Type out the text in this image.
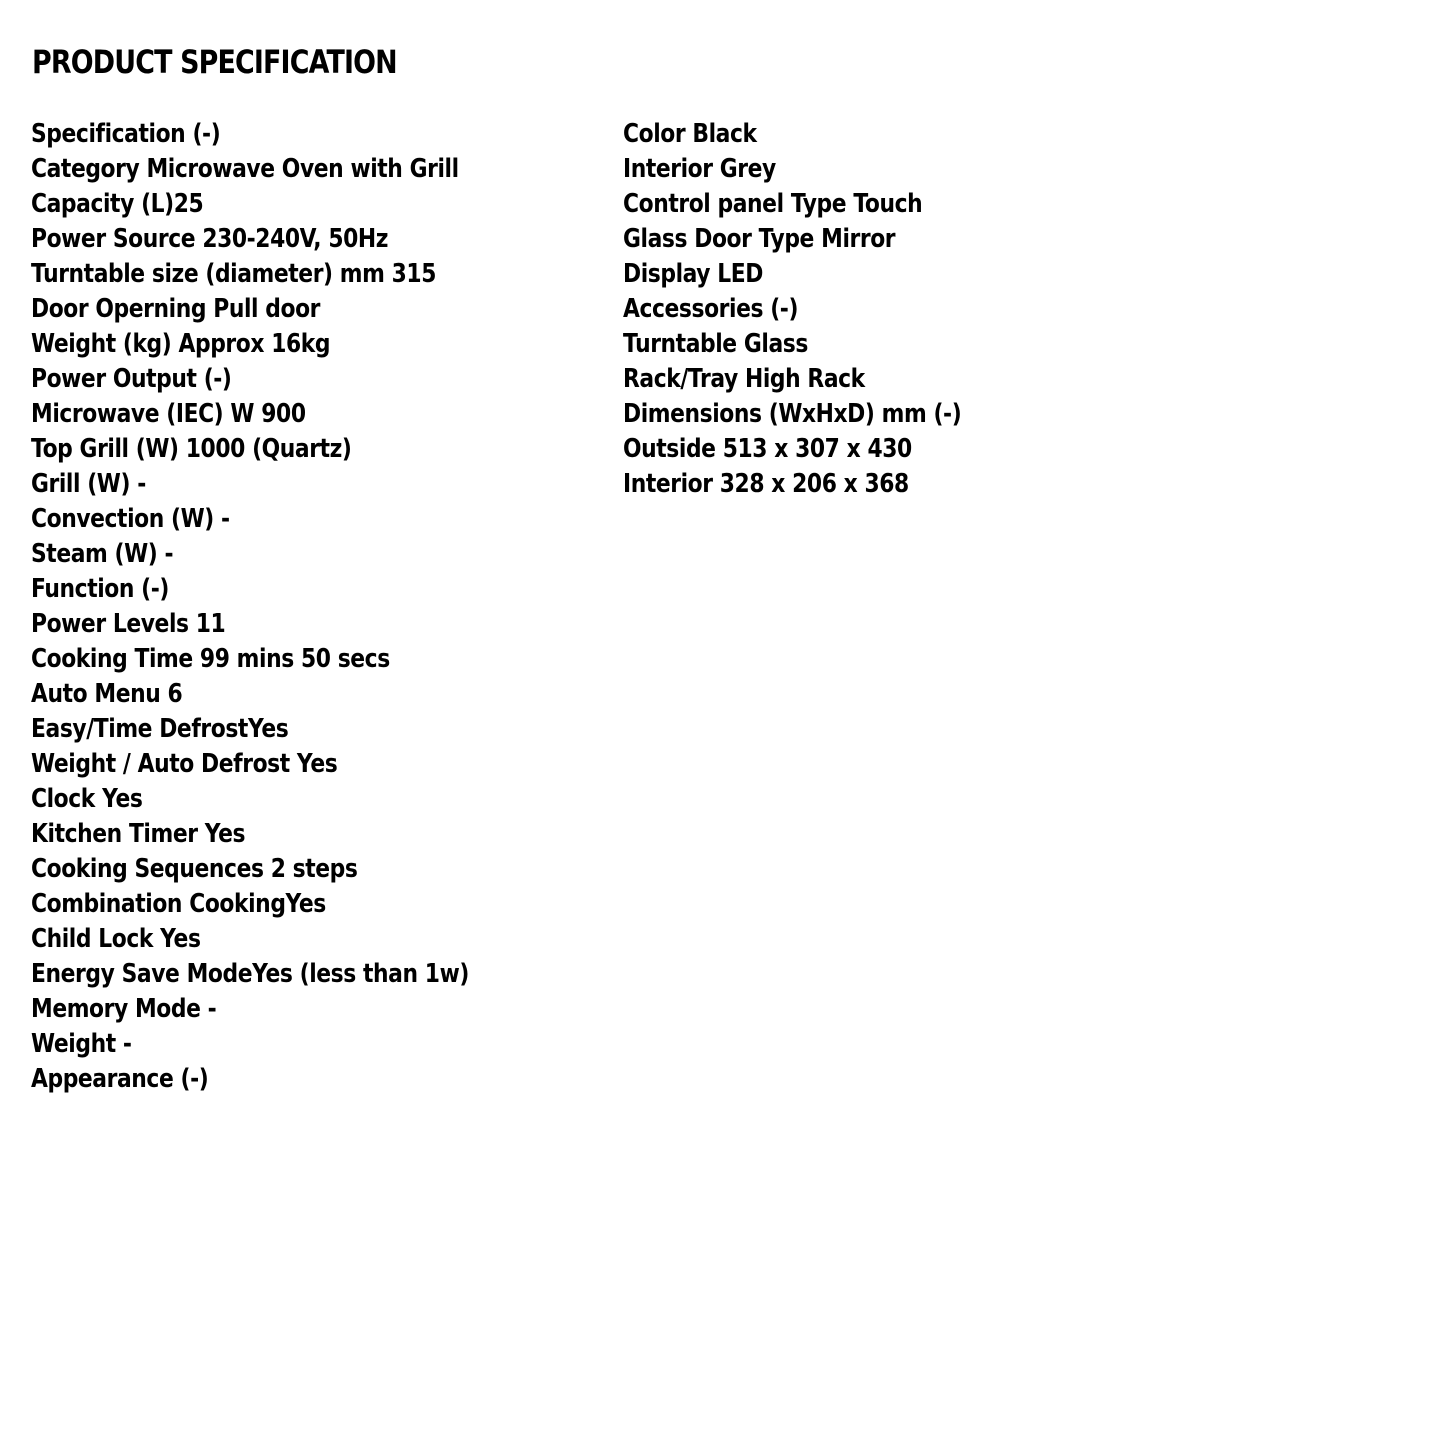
PRODUCT SPECIFICATION
Specification (-)
Category Microwave Oven with Grill
Capacity (L)25
Power Source 230-240V, 50Hz
Turntable size (diameter) mm 315
Door Operning Pull door
Weight (kg) Approx 16kg
Power Output (-)
Microwave (IEC) W 900
Top Grill (W) 1000 (Quartz)
Grill (W) -
Convection (W) -
Steam (W) -
Function (-)
Power Levels 11
Cooking Time 99 mins 50 secs
Auto Menu 6
Easy/Time DefrostYes
Weight / Auto Defrost Yes
Clock Yes
Kitchen Timer Yes
Cooking Sequences 2 steps
Combination CookingYes
Child Lock Yes
Energy Save ModeYes (less than 1w)
Memory Mode -
Weight -
Appearance (-)
Color Black
Interior Grey
Control panel Type Touch
Glass Door Type Mirror
Display LED
Accessories (-)
Turntable Glass
Rack/Tray High Rack
Dimensions (WxHxD) mm (-)
Outside 513 x 307 x 430
Interior 328 x 206 x 368
